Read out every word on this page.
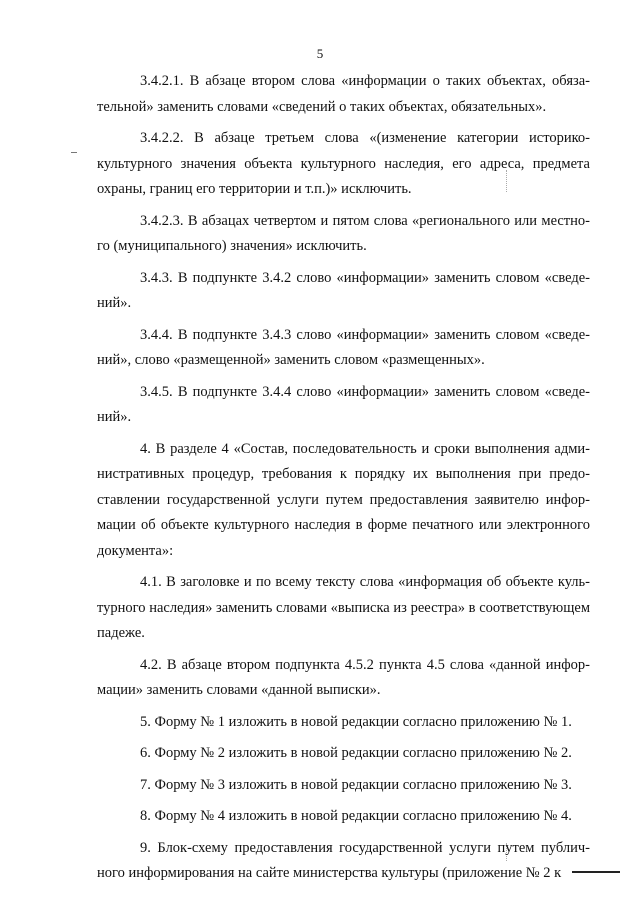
5

3.4.2.1. В абзаце втором слова «информации о таких объектах, обязательной» заменить словами «сведений о таких объектах, обязательных».

3.4.2.2. В абзаце третьем слова «(изменение категории историко-культурного значения объекта культурного наследия, его адреса, предмета охраны, границ его территории и т.п.)» исключить.

3.4.2.3. В абзацах четвертом и пятом слова «регионального или местного (муниципального) значения» исключить.

3.4.3. В подпункте 3.4.2 слово «информации» заменить словом «сведений».

3.4.4. В подпункте 3.4.3 слово «информации» заменить словом «сведений», слово «размещенной» заменить словом «размещенных».

3.4.5. В подпункте 3.4.4 слово «информации» заменить словом «сведений».

4. В разделе 4 «Состав, последовательность и сроки выполнения административных процедур, требования к порядку их выполнения при предоставлении государственной услуги путем предоставления заявителю информации об объекте культурного наследия в форме печатного или электронного документа»:

4.1. В заголовке и по всему тексту слова «информация об объекте культурного наследия» заменить словами «выписка из реестра» в соответствующем падеже.

4.2. В абзаце втором подпункта 4.5.2 пункта 4.5 слова «данной информации» заменить словами «данной выписки».

5. Форму № 1 изложить в новой редакции согласно приложению № 1.

6. Форму № 2 изложить в новой редакции согласно приложению № 2.

7. Форму № 3 изложить в новой редакции согласно приложению № 3.

8. Форму № 4 изложить в новой редакции согласно приложению № 4.

9. Блок-схему предоставления государственной услуги путем публичного информирования на сайте министерства культуры (приложение № 2 к
